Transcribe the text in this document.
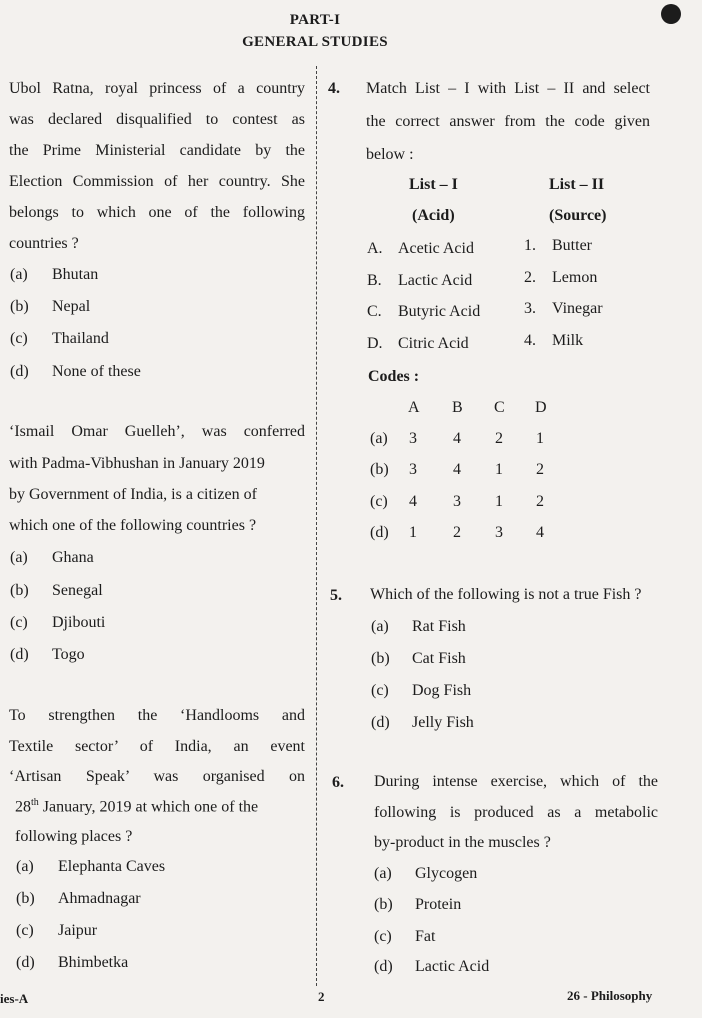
PART-I
GENERAL STUDIES
Ubol Ratna, royal princess of a country
was declared disqualified to contest as
the Prime Ministerial candidate by the
Election Commission of her country. She
belongs to which one of the following
countries ?
(a) Bhutan
(b) Nepal
(c) Thailand
(d) None of these
‘Ismail Omar Guelleh’, was conferred
with Padma-Vibhushan in January 2019
by Government of India, is a citizen of
which one of the following countries ?
(a) Ghana
(b) Senegal
(c) Djibouti
(d) Togo
To strengthen the ‘Handlooms and
Textile sector’ of India, an event
‘Artisan Speak’ was organised on
28th January, 2019 at which one of the
following places ?
(a) Elephanta Caves
(b) Ahmadnagar
(c) Jaipur
(d) Bhimbetka
4. Match List – I with List – II and select
the correct answer from the code given
below :
List – I
(Acid)
List – II
(Source)
A. Acetic Acid	1. Butter
B. Lactic Acid	2. Lemon
C. Butyric Acid	3. Vinegar
D. Citric Acid	4. Milk
Codes :
A B C D
(a) 3 4 2 1
(b) 3 4 1 2
(c) 4 3 1 2
(d) 1 2 3 4
5. Which of the following is not a true Fish ?
(a) Rat Fish
(b) Cat Fish
(c) Dog Fish
(d) Jelly Fish
6. During intense exercise, which of the
following is produced as a metabolic
by-product in the muscles ?
(a) Glycogen
(b) Protein
(c) Fat
(d) Lactic Acid
ies-A	2	26 - Philosophy
